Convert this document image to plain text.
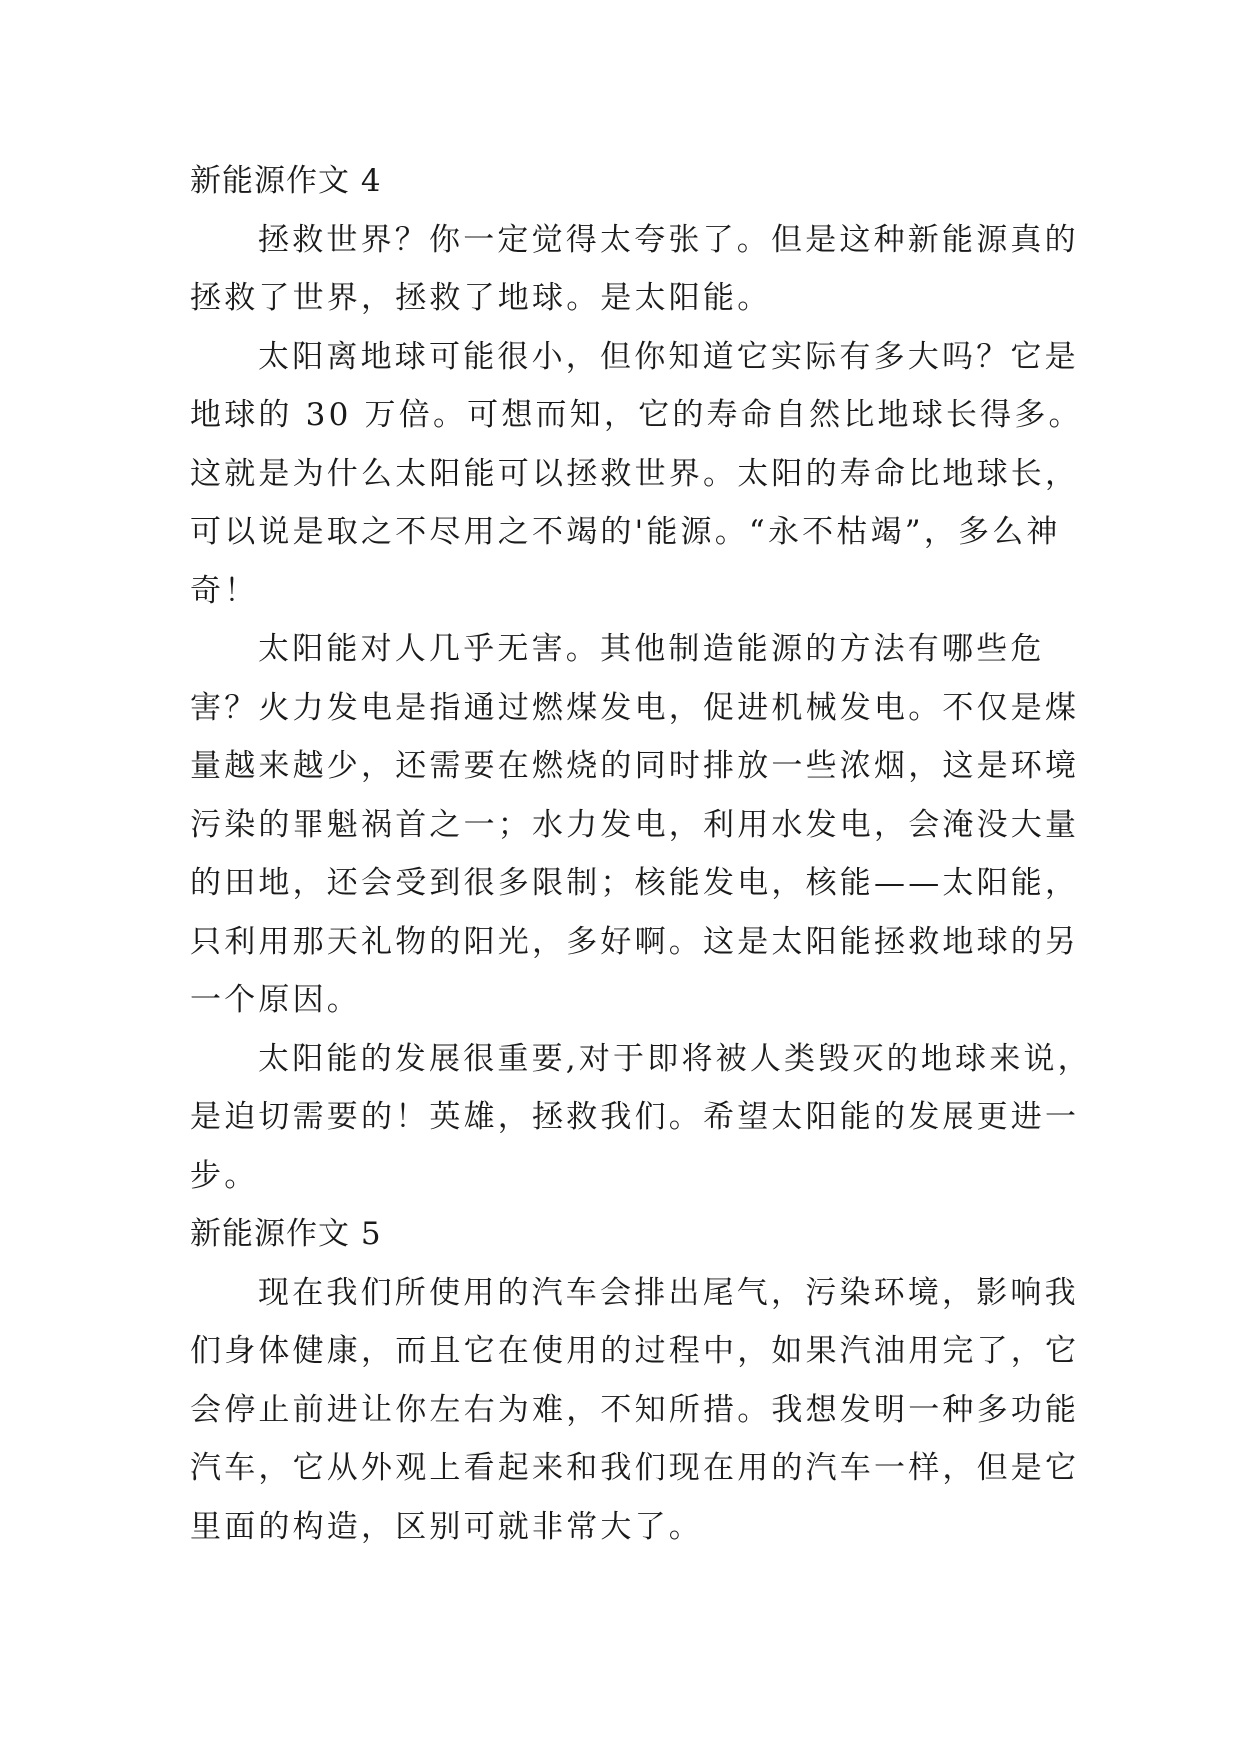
新能源作文 4
拯救世界？你一定觉得太夸张了。但是这种新能源真的
拯救了世界，拯救了地球。是太阳能。
太阳离地球可能很小，但你知道它实际有多大吗？它是
地球的 30 万倍。可想而知，它的寿命自然比地球长得多。
这就是为什么太阳能可以拯救世界。太阳的寿命比地球长，
可以说是取之不尽用之不竭的'能源。“永不枯竭”，多么神
奇！
太阳能对人几乎无害。其他制造能源的方法有哪些危
害？火力发电是指通过燃煤发电，促进机械发电。不仅是煤
量越来越少，还需要在燃烧的同时排放一些浓烟，这是环境
污染的罪魁祸首之一；水力发电，利用水发电，会淹没大量
的田地，还会受到很多限制；核能发电，核能——太阳能，
只利用那天礼物的阳光，多好啊。这是太阳能拯救地球的另
一个原因。
太阳能的发展很重要,对于即将被人类毁灭的地球来说，
是迫切需要的！英雄，拯救我们。希望太阳能的发展更进一
步。
新能源作文 5
现在我们所使用的汽车会排出尾气，污染环境，影响我
们身体健康，而且它在使用的过程中，如果汽油用完了，它
会停止前进让你左右为难，不知所措。我想发明一种多功能
汽车，它从外观上看起来和我们现在用的汽车一样，但是它
里面的构造，区别可就非常大了。
